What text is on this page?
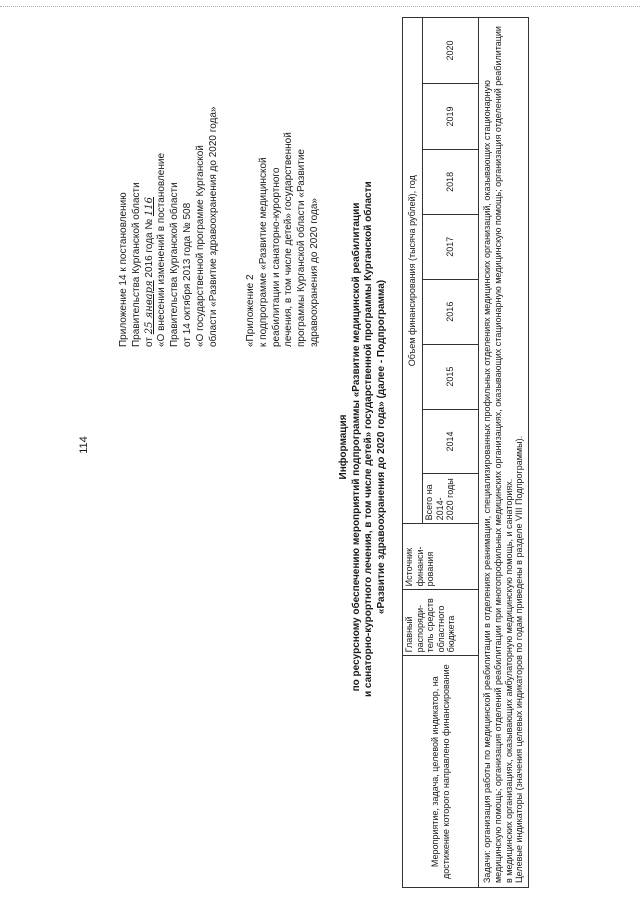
114
Приложение 14 к постановлению Правительства Курганской области от 25 января 2016 года № 116 «О внесении изменений в постановление Правительства Курганской области от 14 октября 2013 года № 508 «О государственной программе Курганской области «Развитие здравоохранения до 2020 года»	«Приложение 2 к подпрограмме «Развитие медицинской реабилитации и санаторно-курортного лечения, в том числе детей» государственной программы Курганской области «Развитие здравоохранения до 2020 года»
Информация по ресурсному обеспечению мероприятий подпрограммы «Развитие медицинской реабилитации и санаторно-курортного лечения, в том числе детей» государственной программы Курганской области «Развитие здравоохранения до 2020 года» (далее - Подпрограмма)
Мероприятие, задача, целевой индикатор, на достижение которого направлено финансирование	Главный распоряди-тель средств областного бюджета	Источник финанси-рования	Объем финансирования (тысяча рублей), год							
			Всего на 2014-2020 годы	2014	2015	2016	2017	2018	2019	2020

Задачи: организация работы по медицинской реабилитации в отделениях реанимации, специализированных профильных отделениях медицинских организаций, оказывающих стационарную медицинскую помощь; организация отделений реабилитации при многопрофильных медицинских организациях, оказывающих стационарную медицинскую помощь; организация отделений реабилитации в медицинских организациях, оказывающих амбулаторную медицинскую помощь, и санаториях. Целевые индикаторы (значения целевых индикаторов по годам приведены в разделе VIII Подпрограммы).										
